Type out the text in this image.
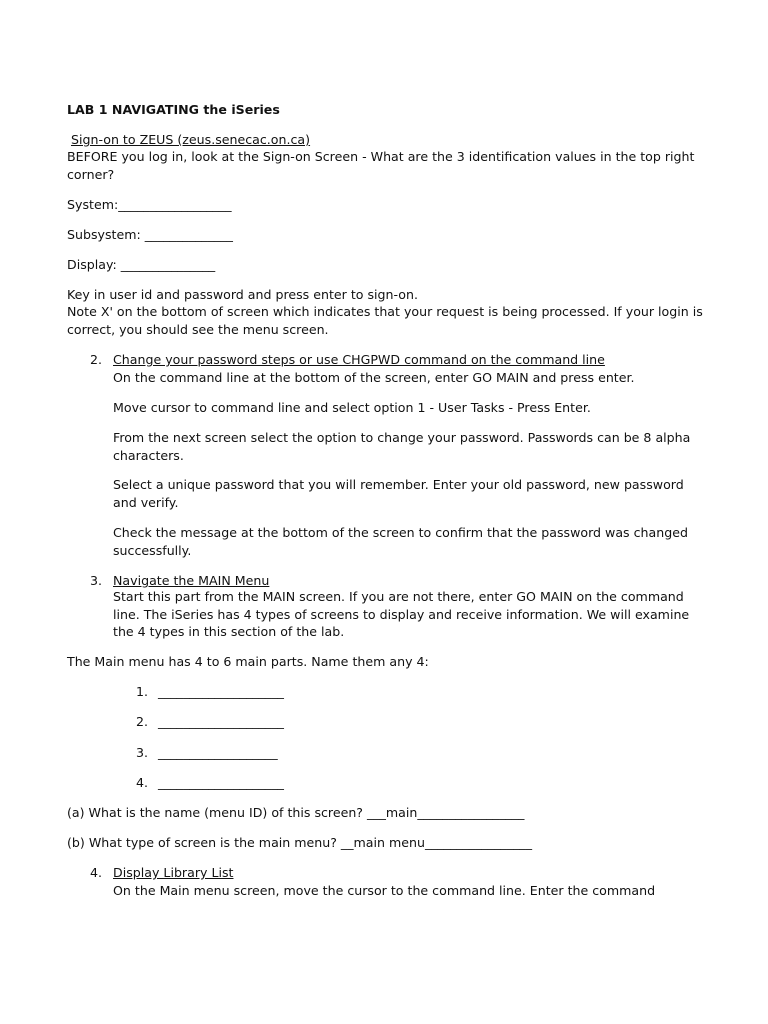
LAB 1 NAVIGATING the iSeries
Sign-on to ZEUS (zeus.senecac.on.ca)
BEFORE you log in, look at the Sign-on Screen - What are the 3 identification values in the top right corner?
System:__________________
Subsystem: ______________
Display: _______________
Key in user id and password and press enter to sign-on.
Note X' on the bottom of screen which indicates that your request is being processed. If your login is correct, you should see the menu screen.
2. Change your password steps or use CHGPWD command on the command line
On the command line at the bottom of the screen, enter GO MAIN and press enter.
Move cursor to command line and select option 1 - User Tasks - Press Enter.
From the next screen select the option to change your password. Passwords can be 8 alpha characters.
Select a unique password that you will remember. Enter your old password, new password and verify.
Check the message at the bottom of the screen to confirm that the password was changed successfully.
3. Navigate the MAIN Menu
Start this part from the MAIN screen. If you are not there, enter GO MAIN on the command line. The iSeries has 4 types of screens to display and receive information. We will examine the 4 types in this section of the lab.
The Main menu has 4 to 6 main parts. Name them any 4:
1. ____________________
2. ____________________
3. ___________________
4. ____________________
(a) What is the name (menu ID) of this screen? ___main_________________
(b) What type of screen is the main menu? __main menu_________________
4. Display Library List
On the Main menu screen, move the cursor to the command line. Enter the command
